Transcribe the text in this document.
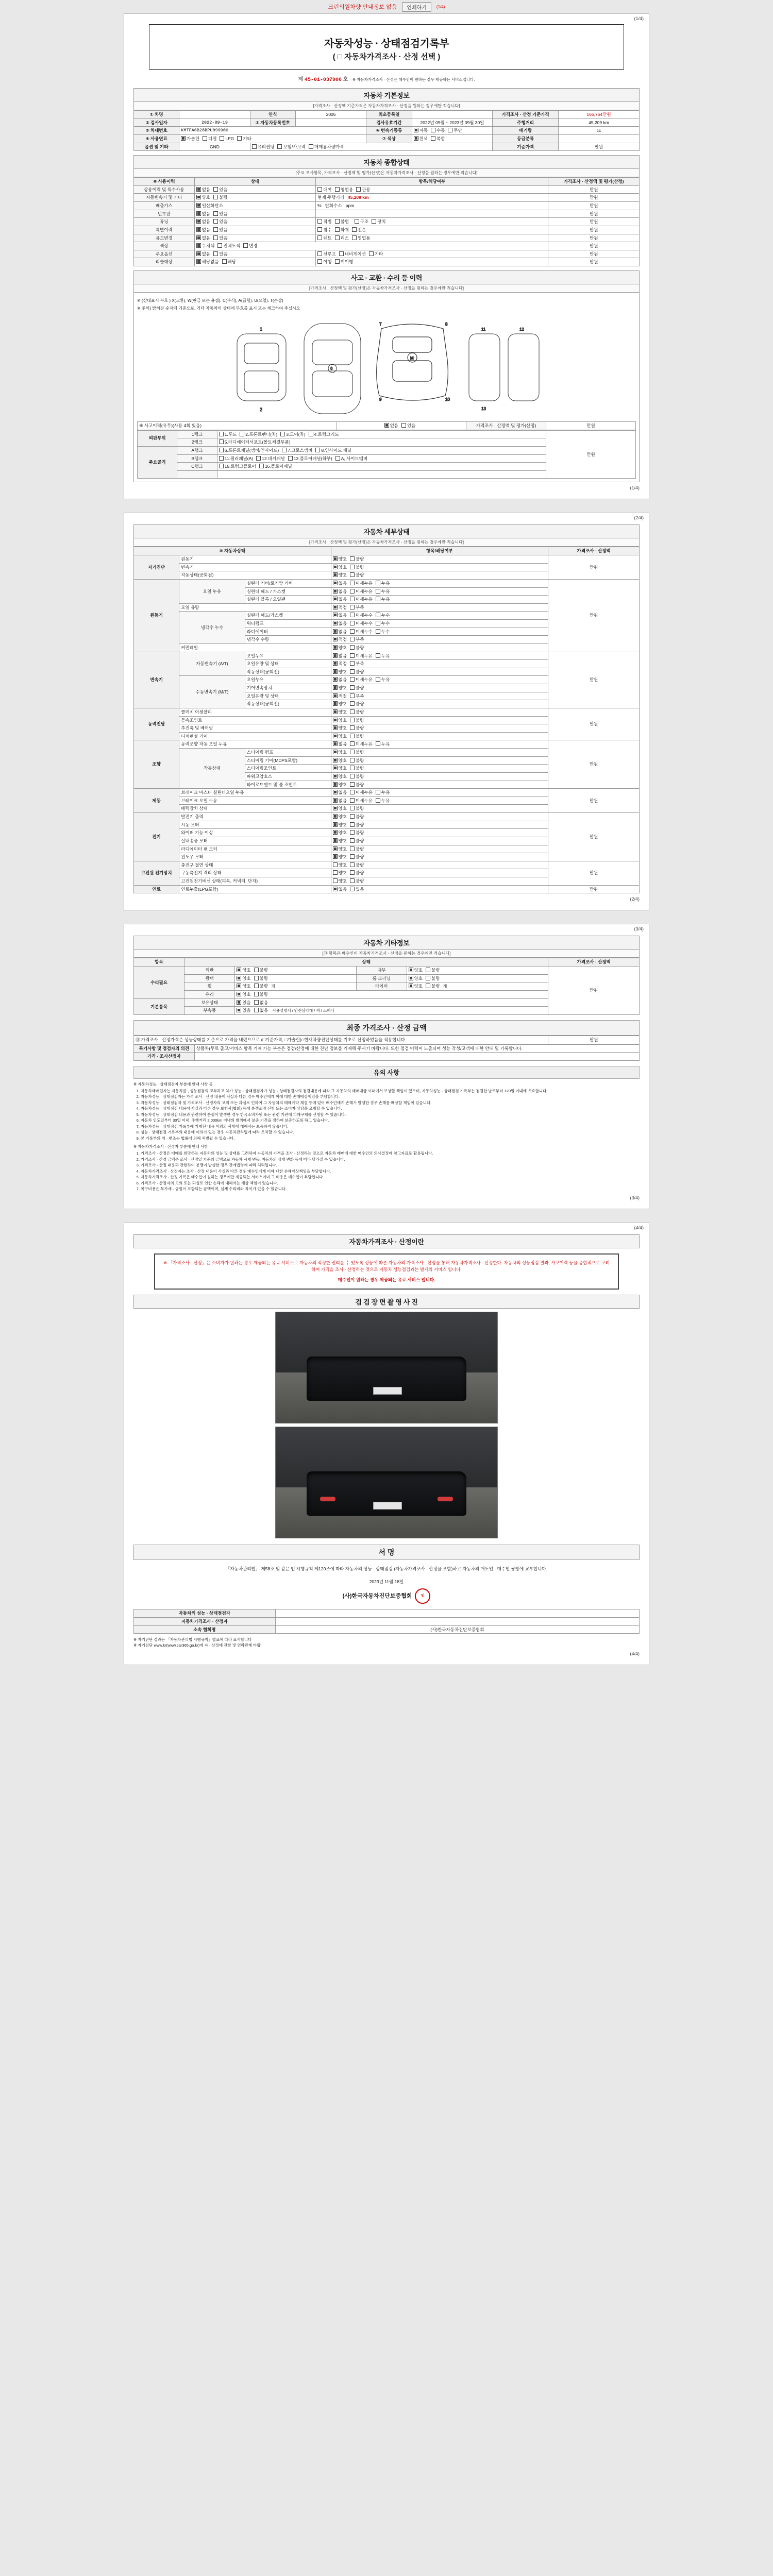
크린의원차량 안내정보 없음	인쇄하기	(1/4)
(1/4)
자동차성능 · 상태점검기록부
( □ 자동차가격조사 · 산정 선택 )
제 45-01-037906 호 ※ 자동차가격조사 · 산정은 매수인이 원하는 경우 제공하는 서비스입니다.
자동차 기본정보
[가격조사 · 산정액 기준가격은 자동차가격조사 · 산정을 원하는 경우에만 적습니다]
① 차명		연식	2005	최초등록일		가격조사 · 산정 기준가격	166,764만원
② 검사일자	2022-09-19	③ 자동차등록번호		검사유효기간	2022년 09월 ~ 2023년 09월 30일	주행거리	45,209 km
⑤ 차대번호	KMTFA6B28BPU099900			④ 변속기종류	자동 수동 무단	배기량	cc
⑥ 사용연료	가솔린 디젤 LPG 기타			⑦ 색상	원색 복합	등급분류	
옵션 및 기타	GND	유리썬팅 보험/사고력 매매용차량가격				기준가격	만원
자동차 종합상태
[주요 조사항목, 가격조사 · 산정액 및 평가(산정)은 자동차가격조사 · 산정을 원하는 경우에만 적습니다]
⑧ 사용이력	상태	항목/해당여부	가격조사 · 산정액 및 평가(산정)
상용이력 및 특수사용	없음 있음	대여 영업용 관용	만원
자동변속기 및 기타	양호 불량	현재 주행거리 45,209 km	만원
배출가스	일산화탄소	%   탄화수소   ppm	만원
번호판	없음 있음		만원
튜닝	없음 있음	적법 불법 구조 장치	만원
특별이력	없음 있음	침수 화재 전손	만원
용도변경	없음 있음	렌트 리스 영업용	만원
색상	무채색 전체도색 변경		만원
주요옵션	없음 있음	선루프 내비게이션 기타	만원
리콜대상	해당없음 해당	이행 미이행	만원
사고 · 교환 · 수리 등 이력
[가격조사 · 산정액 및 평가(산정)은 자동차가격조사 · 산정을 원하는 경우에만 적습니다]
※ (상태표시 부호 ) X(교환), W(판금 또는 용접), C(부식), A(긁힘), U(요철), T(손상)
※ 주의) 밝혀진 숫자에 기준으로, 기타 자동차의 상태에 부호를 표시 또는 체크하여 주십시오
1
2
6
M
7	8
9	10
11	12
13
⑨ 사고이력(유무)(사용 4회 있음)	없음 있음	가격조사 · 산정액 및 평가(산정)	만원
외판부위	1랭크	1.후드 2.프론트펜더(좌) 3.도어(좌) 4.트렁크리드	만원
	2랭크	5.라디에이터서포트(볼트체결부품)	
주요골격	A랭크	6.프론트패널(멤버/인사이드) 7.크로스멤버 8.인사이드 패널	
	B랭크	11.필러패널(A) 12.대쉬패널 13.플로어패널(하부) A, 사이드멤버	
	C랭크	15.트렁크플로어 16.플로어패널	

(1/4)
(2/4)
자동차 세부상태
[가격조사 · 산정액 및 평가(산정)은 자동차가격조사 · 산정을 원하는 경우에만 적습니다]
⑩ 자동차상태			항목/해당여부	가격조사 · 산정액
자기진단	원동기		양호 불량	만원
	변속기		양호 불량	
	작동상태(공회전)		양호 불량	
원동기	오일 누유	실린더 커버/로커암 커버	없음 미세누유 누유	만원
		실린더 헤드 / 가스켓	없음 미세누유 누유	
		실린더 블록 / 오일팬	없음 미세누유 누유	
	오일 유량		적정 부족	
	냉각수 누수	실린더 헤드/가스켓	없음 미세누수 누수	
		워터펌프	없음 미세누수 누수	
		라디에이터	없음 미세누수 누수	
		냉각수 수량	적정 부족	
	커먼레일		양호 불량	
변속기	자동변속기 (A/T)	오일누유	없음 미세누유 누유	만원
		오일유량 및 상태	적정 부족	
		작동상태(공회전)	양호 불량	
	수동변속기 (M/T)	오일누유	없음 미세누유 누유	
		기어변속장치	양호 불량	
		오일유량 및 상태	적정 부족	
		작동상태(공회전)	양호 불량	
동력전달	클러치 어셈블리		양호 불량	만원
	등속조인트		양호 불량	
	추진축 및 베어링		양호 불량	
	디퍼렌셜 기어		양호 불량	
조향	동력조향 작동 오일 누유		없음 미세누유 누유	만원
	작동상태	스티어링 펌프	양호 불량	
		스티어링 기어(MDPS포함)	양호 불량	
		스티어링조인트	양호 불량	
		파워고압호스	양호 불량	
		타이로드엔드 및 볼 조인트	양호 불량	
제동	브레이크 마스터 실린더오일 누유		없음 미세누유 누유	만원
	브레이크 오일 누유		없음 미세누유 누유	
	배력장치 상태		양호 불량	
전기	발전기 출력		양호 불량	만원
	시동 모터		양호 불량	
	와이퍼 기능 이상		양호 불량	
	실내송풍 모터		양호 불량	
	라디에이터 팬 모터		양호 불량	
	윈도우 모터		양호 불량	
고전원 전기장치	충전구 절연 상태		양호 불량	만원
	구동축전지 격리 상태		양호 불량	
	고전원전기배선 상태(피복, 커넥터, 단자)		양호 불량	
연료	연료누출(LPG포함)		없음 있음	만원
(2/4)
(3/4)
자동차 기타정보
[⑬ 항목은 매수인이 자동차가격조사 · 산정을 원하는 경우에만 적습니다]
항목	상태				가격조사 · 산정액
수리필요	외판	양호 불량	내부	양호 불량	만원
	광택	양호 불량	룸 크리닝	양호 불량	
	휠	양호 불량 개	타이어	양호 불량 개	
	유리	양호 불량			
기본품목	보유상태	있음 없음			
	부속품	있음 없음 사용설명서 / 안전삼각대 / 잭 / 스패너			
최종 가격조사 · 산정 금액
⑭ 가격조사 · 산정가격은 성능상태를 기준으로 가격을 내렸으므로 (□기준가격, □가솔린)□현재차량진단상태를 기초로 산정하였음을 적용합니다	만원
특기사항 및 점검자의 의견	상품차(무료 출고/서비스 항목 기재 가능 부분은 점검/산정에 대한 진단 정보를 기재해 주시기 바랍니다. 또한 점검 이력이 노출되며 성능 작성/고객에 대한 안내 및 기록합니다.
가격 · 조사산정자	
유의 사항

※ 자동차성능 · 상태점검자 부분에 안내 사항 등

1. 자동차매매업자는 자동차를 , 성능점검의 교부하고 차가 성능 · 상태점검자가 성능 · 상태점검자의 점검내용에 따라 그 자동차의 매매대금 이내에서 보상할 책임이 있으며, 자동차성능 · 상태점검 기록부는 점검한 날로부터 120일 이내에 유효합니다.
2. 자동차성능 · 상태점검자는 가격 조사 · 산정 내용이 사실과 다른 경우 매수인에게 이에 대한 손해배상책임을 부담합니다.
3. 자동차성능 · 상태점검자 및 가격조사 · 산정자의 고의 또는 과실로 인하여 그 자동차의 매매계약 체결 등에 있어 매수인에게 손해가 발생한 경우 손해를 배상할 책임이 있습니다.
4. 자동차성능 · 상태점검 내용이 사실과 다른 경우 보험사(협회) 등에 분쟁조정 신청 또는 소비자 상담을 요청할 수 있습니다.
5. 자동차성능 · 상태점검 내용과 관련하여 분쟁이 발생한 경우 한국소비자원 또는 관련 기관에 피해구제를 신청할 수 있습니다.
6. 자동차 인도일부터 30일 이내, 주행거리 2,000km 이내의 범위에서 보증 기간을 정하여 보증하도록 하고 있습니다.
7. 자동차성능 · 상태점검 기록부에 기재된 내용 이외의 사항에 대해서는 보증하지 않습니다.
8. 성능 · 상태점검 기록부의 내용에 이의가 있는 경우 자동차관리법에 따라 조치할 수 있습니다.
9. 본 기록부의 위 · 변조는 법률에 의해 처벌될 수 있습니다.

※ 자동차가격조사 · 산정자 부분에 안내 사항

1. 가격조사 · 산정은 매매를 희망하는 자동차의 성능 및 상태를 고려하여 자동차의 가격을 조사 · 산정하는 것으로 자동차 매매에 대한 매수인의 의사결정에 참고자료로 활용됩니다.
2. 가격조사 · 산정 금액은 조사 · 산정일 기준의 금액으로 자동차 시세 변동, 자동차의 상태 변화 등에 따라 달라질 수 있습니다.
3. 가격조사 · 산정 내용과 관련하여 분쟁이 발생한 경우 관계법령에 따라 처리됩니다.
4. 자동차가격조사 · 산정자는 조사 · 산정 내용이 사실과 다른 경우 매수인에게 이에 대한 손해배상책임을 부담합니다.
5. 자동차가격조사 · 산정 기록은 매수인이 원하는 경우에만 제공되는 서비스이며 그 비용은 매수인이 부담합니다.
6. 가격조사 · 산정자의 고의 또는 과실로 인한 손해에 대해서는 배상 책임이 있습니다.
7. 복구비용은 부가세 · 공임이 포함되는 금액이며, 실제 수리비와 차이가 있을 수 있습니다.
(3/4)
(4/4)
자동차가격조사 · 산정이란
※ 「가격조사 · 산정」은 소비자가 원하는 경우 제공되는 유료 서비스로 자동차의 적정한 권리를 수 있도록 성능에 따른 자동차의 가격조사 · 산정을 통해 자동차가격조사 · 산정한다. 자동차의 성능점검 결과, 사고이력 등을 종합적으로 고려하여 가격을 조사 · 산정하는 것으로 자동차 성능점검과는 별개의 서비스 입니다.
매수인이 원하는 경우 제공되는 유료 서비스 입니다.
검 검 장 면 촬 영 사 진
서 명
「자동차관리법」 제58조 및 같은 법 시행규칙 제120조에 따라 자동차의 성능 · 상태점검 (자동차가격조사 · 산정을 포함)하고 자동차의 매도인 · 매수인 쌍방에 교부합니다.
2023년 11월 18일
(사)한국자동차진단보증협회	인
자동차의 성능 · 상태점검자	
자동차가격조사 · 산정자	
소속 협회명	(사)한국자동차진단보증협회
※ 자기진단 결과는 「자동차관리법 시행규칙」별표에 따라 표시합니다
※ 자기진단 www.kr(www.car365.go.kr)에 자 · 산정에 관한 및 연락관계 바랍
(4/4)
